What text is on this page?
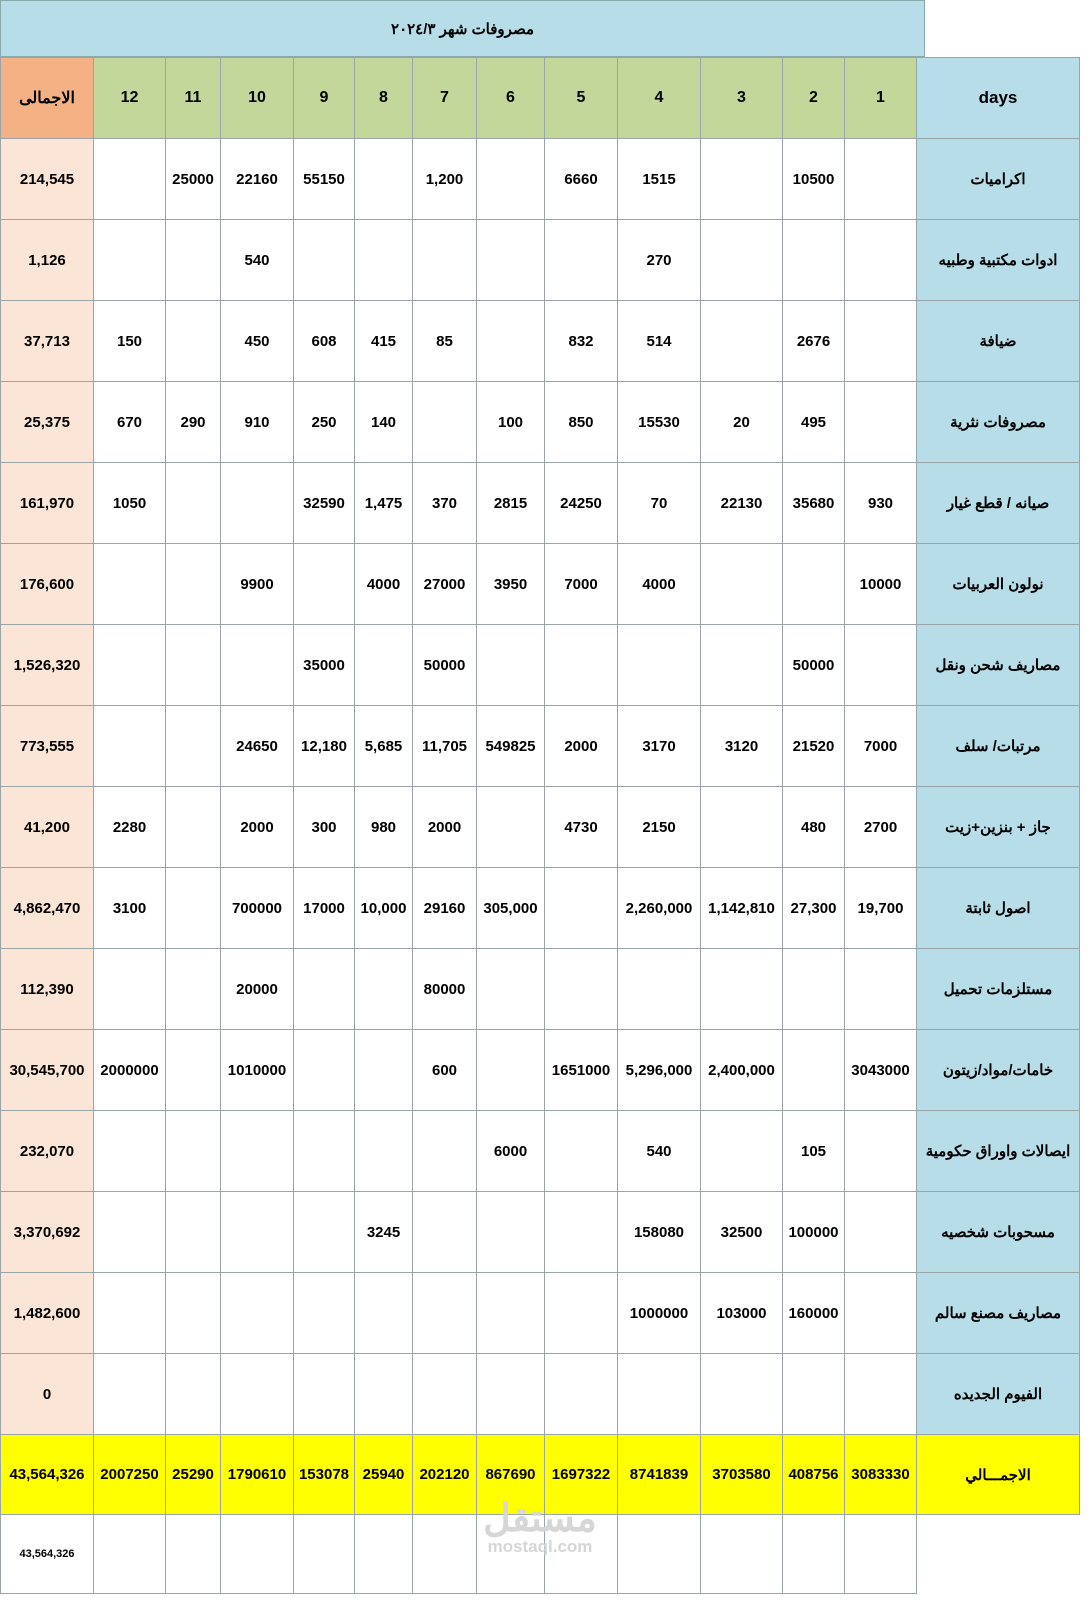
مصروفات شهر ٢٠٢٤/٣
الاجمالى	12	11	10	9	8	7	6	5	4	3	2	1	days
214,545		25000	22160	55150		1,200		6660	1515		10500		اكراميات
1,126			540						270				ادوات مكتبية وطبيه
37,713	150		450	608	415	85		832	514		2676		ضيافة
25,375	670	290	910	250	140		100	850	15530	20	495		مصروفات نثرية
161,970	1050			32590	1,475	370	2815	24250	70	22130	35680	930	صيانه / قطع غيار
176,600			9900		4000	27000	3950	7000	4000			10000	نولون العربيات
1,526,320				35000		50000					50000		مصاريف شحن ونقل
773,555			24650	12,180	5,685	11,705	549825	2000	3170	3120	21520	7000	مرتبات/ سلف
41,200	2280		2000	300	980	2000		4730	2150		480	2700	جاز + بنزين+زيت
4,862,470	3100		700000	17000	10,000	29160	305,000		2,260,000	1,142,810	27,300	19,700	اصول ثابتة
112,390			20000			80000							مستلزمات تحميل
30,545,700	2000000		1010000			600		1651000	5,296,000	2,400,000		3043000	خامات/مواد/زيتون
232,070							6000		540		105		ايصالات واوراق حكومية
3,370,692					3245				158080	32500	100000		مسحوبات شخصيه
1,482,600									1000000	103000	160000		مصاريف مصنع سالم
0													الفيوم الجديده
43,564,326	2007250	25290	1790610	153078	25940	202120	867690	1697322	8741839	3703580	408756	3083330	الاجمـــالي
43,564,326													
مستقل
mostaql.com
